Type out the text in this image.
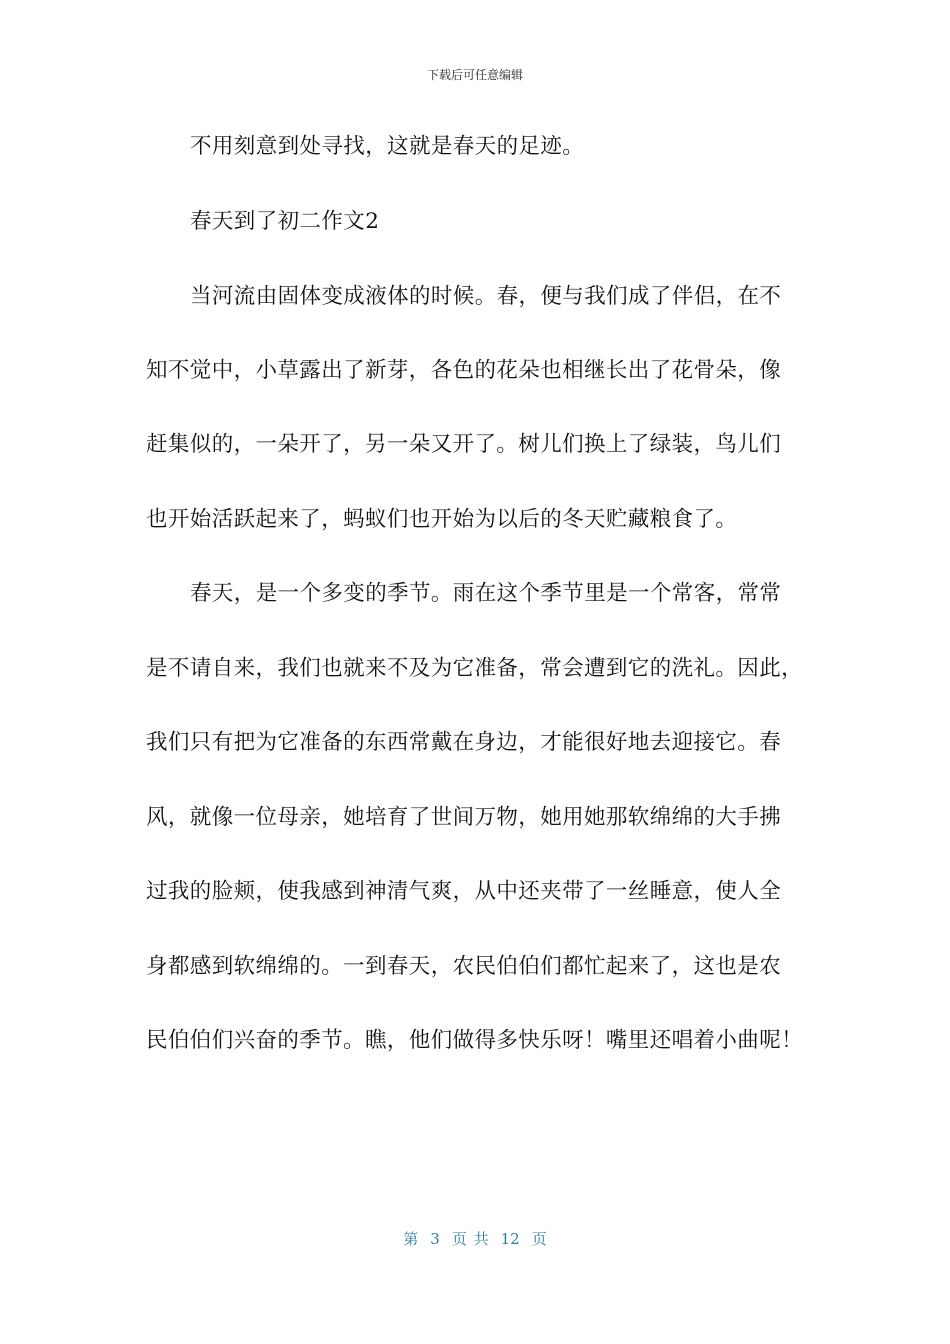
下载后可任意编辑
不用刻意到处寻找，这就是春天的足迹。
春天到了初二作文2
当河流由固体变成液体的时候。春，便与我们成了伴侣，在不
知不觉中，小草露出了新芽，各色的花朵也相继长出了花骨朵，像
赶集似的，一朵开了，另一朵又开了。树儿们换上了绿装，鸟儿们
也开始活跃起来了，蚂蚁们也开始为以后的冬天贮藏粮食了。
春天，是一个多变的季节。雨在这个季节里是一个常客，常常
是不请自来，我们也就来不及为它准备，常会遭到它的洗礼。因此，
我们只有把为它准备的东西常戴在身边，才能很好地去迎接它。春
风，就像一位母亲，她培育了世间万物，她用她那软绵绵的大手拂
过我的脸颊，使我感到神清气爽，从中还夹带了一丝睡意，使人全
身都感到软绵绵的。一到春天，农民伯伯们都忙起来了，这也是农
民伯伯们兴奋的季节。瞧，他们做得多快乐呀！嘴里还唱着小曲呢！
第 3 页 共 12 页
